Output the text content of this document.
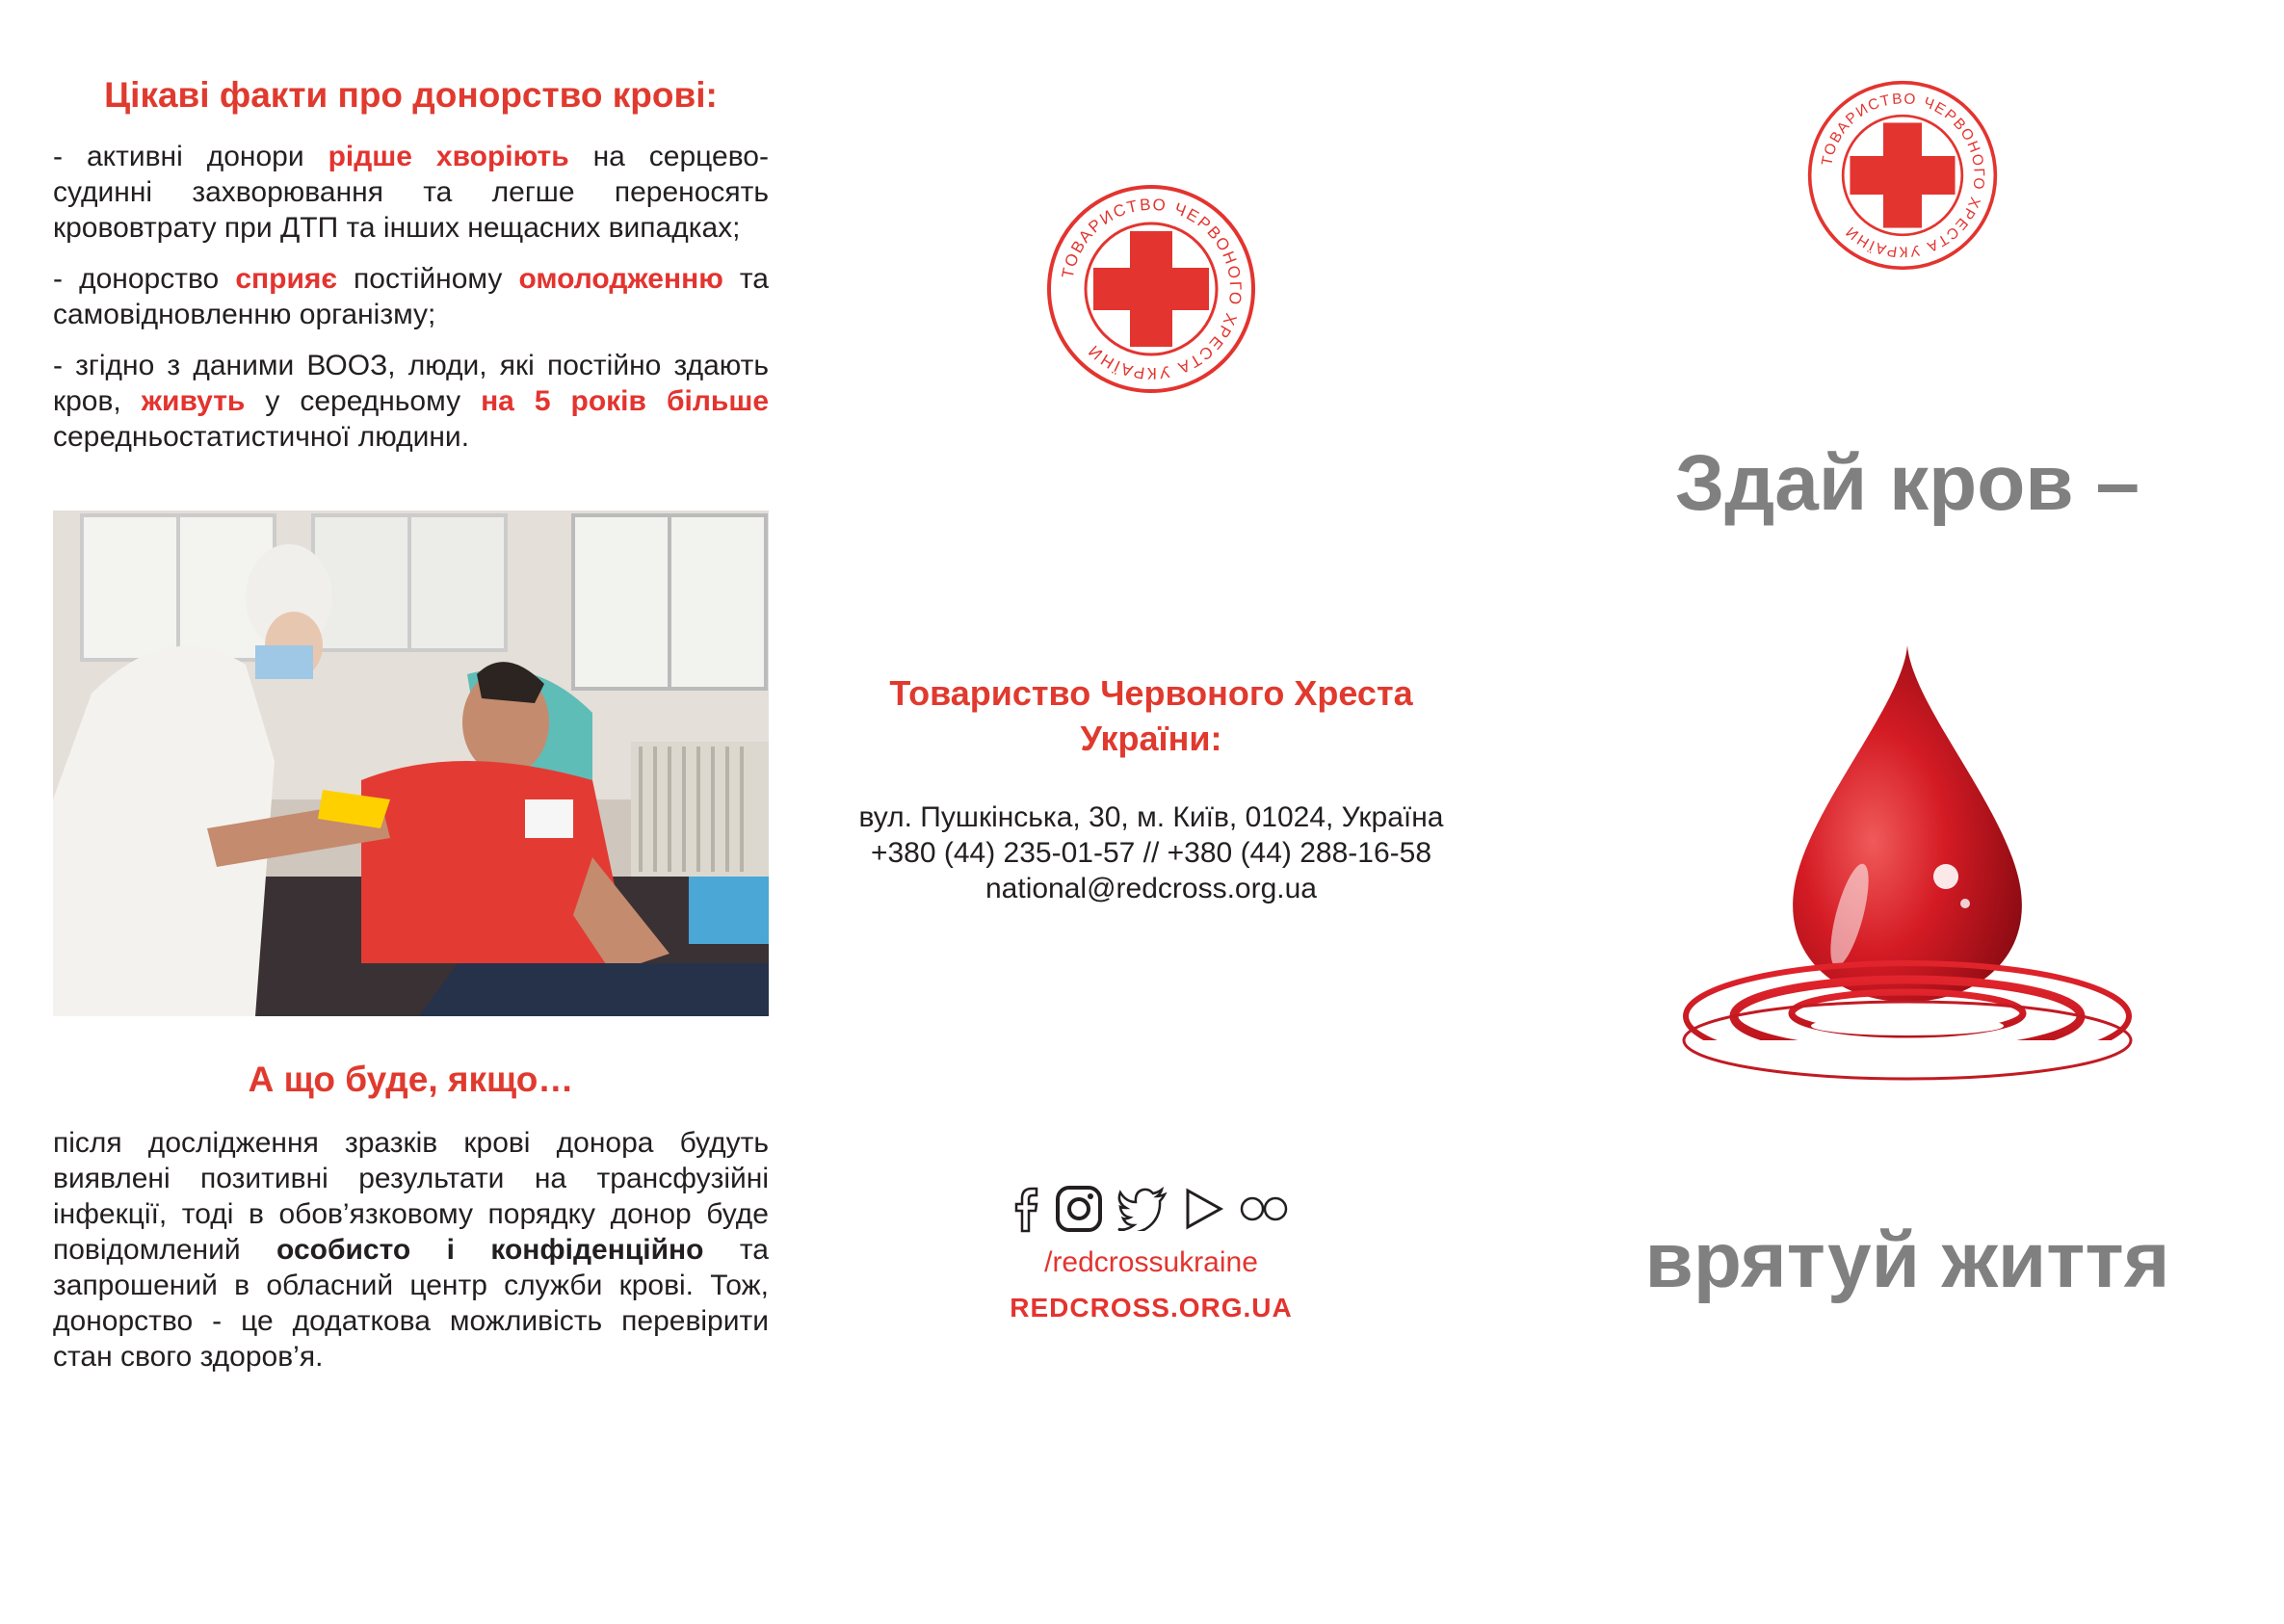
Цікаві факти про донорство крові:

- активні донори рідше хворіють на серцево-судинні захворювання та легше переносять крововтрату при ДТП та інших нещасних випадках;

- донорство сприяє постійному омолодженню та самовідновленню організму;

- згідно з даними ВООЗ, люди, які постійно здають кров, живуть у середньому на 5 років більше середньостатистичної людини.

А що буде, якщо…

після дослідження зразків крові донора будуть виявлені позитивні результати на трансфузійні інфекції, тоді в обов’язковому порядку донор буде повідомлений особисто і конфіденційно та запрошений в обласний центр служби крові. Тож, донорство - це додаткова можливість перевірити стан свого здоров’я.

ТОВАРИСТВО ЧЕРВОНОГО ХРЕСТА УКРАЇНИ
Товариство Червоного Хреста
України:
вул. Пушкінська, 30, м. Київ, 01024, Україна
+380 (44) 235-01-57 // +380 (44) 288-16-58
national@redcross.org.ua
/redcrossukraine
REDCROSS.ORG.UA
ТОВАРИСТВО ЧЕРВОНОГО ХРЕСТА УКРАЇНИ
Здай кров –
врятуй життя
